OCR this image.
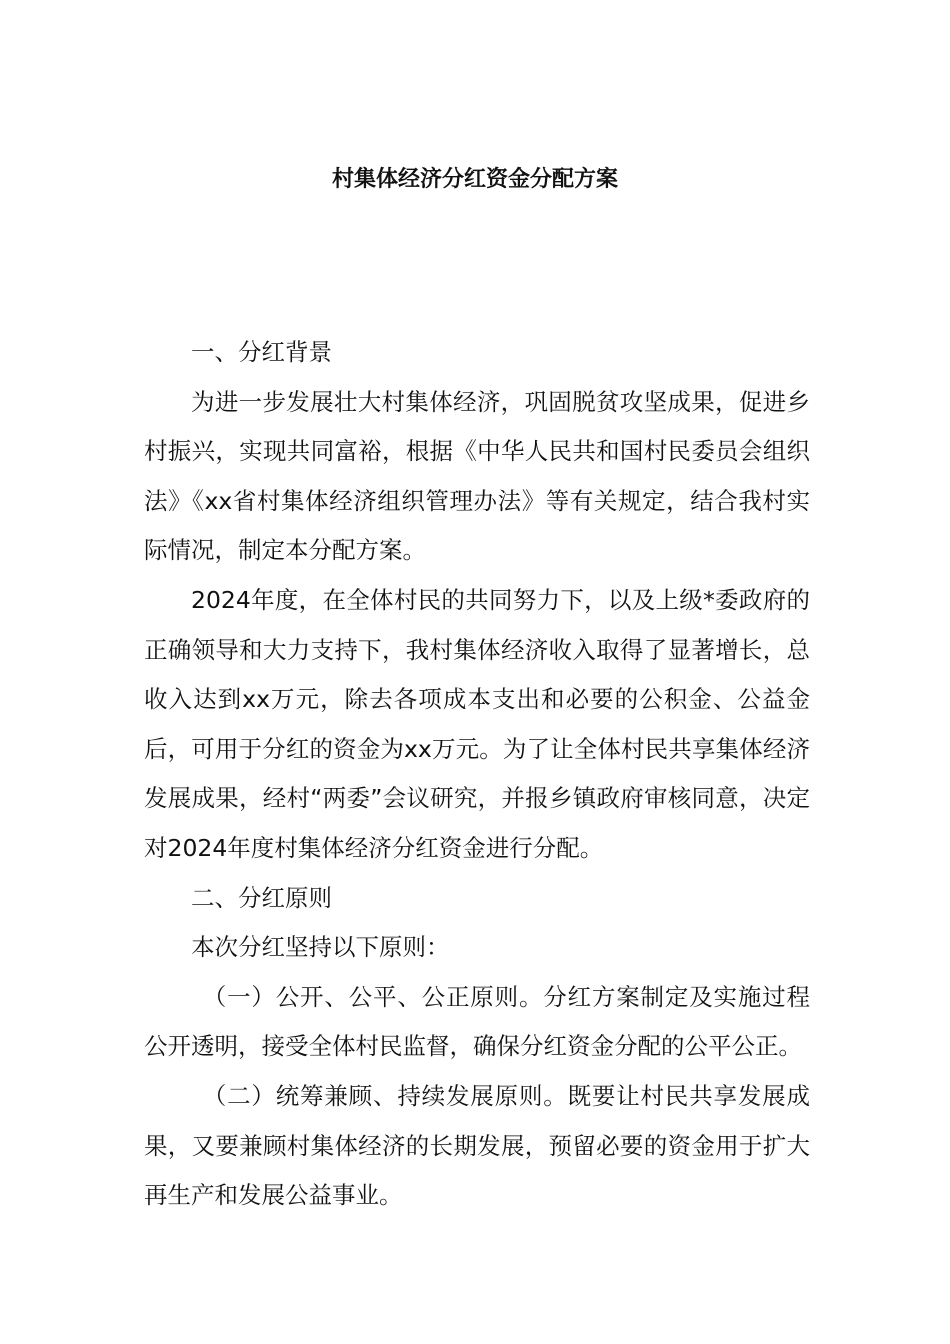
村集体经济分红资金分配方案

一、分红背景

为进一步发展壮大村集体经济，巩固脱贫攻坚成果，促进乡村振兴，实现共同富裕，根据《中华人民共和国村民委员会组织法》《xx省村集体经济组织管理办法》等有关规定，结合我村实际情况，制定本分配方案。

2024年度，在全体村民的共同努力下，以及上级*委政府的正确领导和大力支持下，我村集体经济收入取得了显著增长，总收入达到xx万元，除去各项成本支出和必要的公积金、公益金后，可用于分红的资金为xx万元。为了让全体村民共享集体经济发展成果，经村“两委”会议研究，并报乡镇政府审核同意，决定对2024年度村集体经济分红资金进行分配。

二、分红原则

本次分红坚持以下原则：

（一）公开、公平、公正原则。分红方案制定及实施过程公开透明，接受全体村民监督，确保分红资金分配的公平公正。

（二）统筹兼顾、持续发展原则。既要让村民共享发展成果，又要兼顾村集体经济的长期发展，预留必要的资金用于扩大再生产和发展公益事业。
